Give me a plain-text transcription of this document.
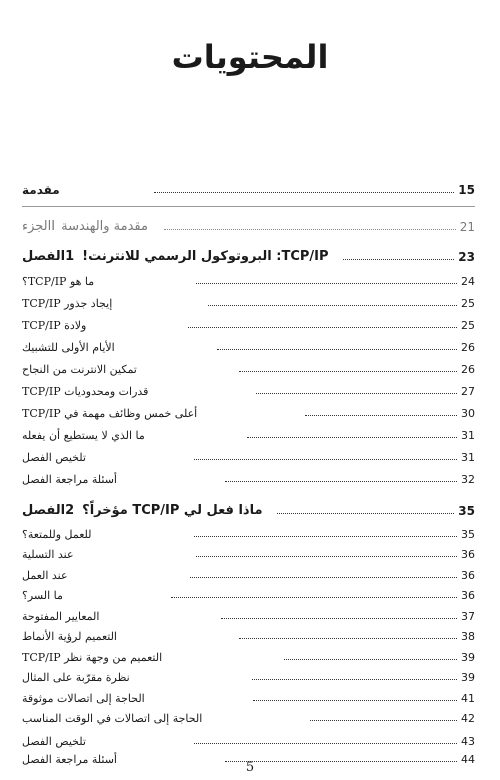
المحتويات
مقدمة	15
الجزء I مقدمة والهندسة	21
الفصل 1 TCP/IP: البروتوكول الرسمي للانترنت!	23
ما هو TCP/IP؟	24
إيجاد جذور TCP/IP	25
ولادة TCP/IP	25
الأيام الأولى للتشبيك	26
تمكين الانترنت من النجاح	26
قدرات ومحدوديات TCP/IP	27
أعلى خمس وظائف مهمة في TCP/IP	30
ما الذي لا يستطيع أن يفعله	31
تلخيص الفصل	31
أسئلة مراجعة الفصل	32
الفصل 2 ماذا فعل لي TCP/IP مؤخراً؟	35
للعمل وللمتعة؟	35
عند التسلية	36
عند العمل	36
ما السر؟	36
المعايير المفتوحة	37
التعميم لرؤية الأنماط	38
التعميم من وجهة نظر TCP/IP	39
نظرة مقرّبة على المثال	39
الحاجة إلى اتصالات موثوقة	41
الحاجة إلى اتصالات في الوقت المناسب	42
تلخيص الفصل	43
أسئلة مراجعة الفصل	44
5
